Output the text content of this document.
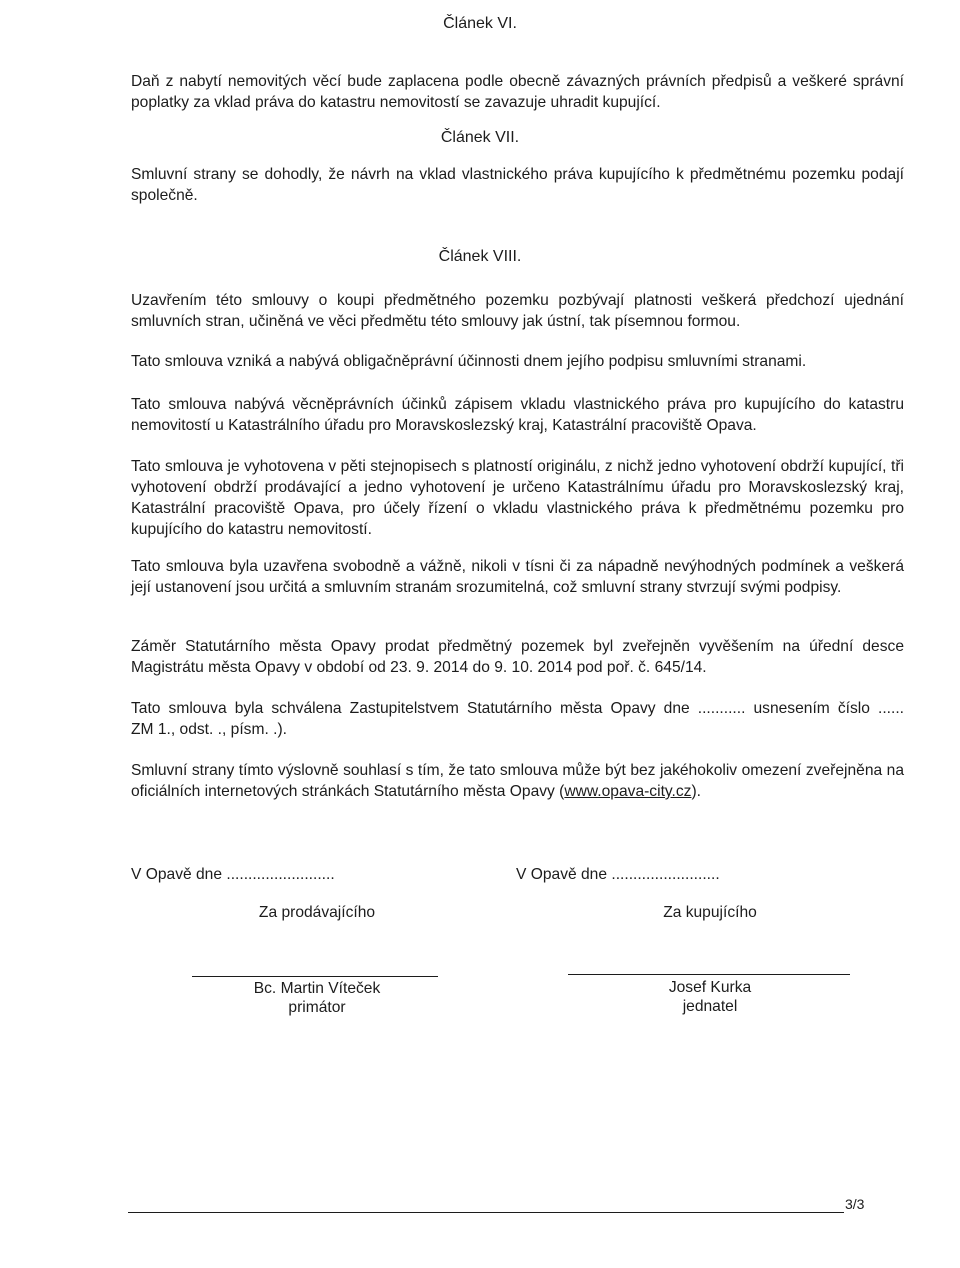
Článek VI.
Daň z nabytí nemovitých věcí bude zaplacena podle obecně závazných právních předpisů a veškeré správní poplatky za vklad práva do katastru nemovitostí se zavazuje uhradit kupující.
Článek VII.
Smluvní strany se dohodly, že návrh na vklad vlastnického práva kupujícího k předmětnému pozemku podají společně.
Článek VIII.
Uzavřením této smlouvy o koupi předmětného pozemku pozbývají platnosti veškerá předchozí ujednání smluvních stran, učiněná ve věci předmětu této smlouvy jak ústní, tak písemnou formou.
Tato smlouva vzniká a nabývá obligačněprávní účinnosti dnem jejího podpisu smluvními stranami.
Tato smlouva nabývá věcněprávních účinků zápisem vkladu vlastnického práva pro kupujícího do katastru nemovitostí u Katastrálního úřadu pro Moravskoslezský kraj, Katastrální pracoviště Opava.
Tato smlouva je vyhotovena v pěti stejnopisech s platností originálu, z nichž jedno vyhotovení obdrží kupující, tři vyhotovení obdrží prodávající a jedno vyhotovení je určeno Katastrálnímu úřadu pro Moravskoslezský kraj, Katastrální pracoviště Opava, pro účely řízení o vkladu vlastnického práva k předmětnému pozemku pro kupujícího do katastru nemovitostí.
Tato smlouva byla uzavřena svobodně a vážně, nikoli v tísni či za nápadně nevýhodných podmínek a veškerá její ustanovení jsou určitá a smluvním stranám srozumitelná, což smluvní strany stvrzují svými podpisy.
Záměr Statutárního města Opavy prodat předmětný pozemek byl zveřejněn vyvěšením na úřední desce Magistrátu města Opavy v období od 23. 9. 2014 do 9. 10. 2014 pod poř. č. 645/14.
Tato smlouva byla schválena Zastupitelstvem Statutárního města Opavy dne ........... usnesením číslo ......
ZM 1., odst. ., písm. .).
Smluvní strany tímto výslovně souhlasí s tím, že tato smlouva může být bez jakéhokoliv omezení zveřejněna na oficiálních internetových stránkách Statutárního města Opavy (www.opava-city.cz).
V Opavě dne .........................
Za prodávajícího
Bc. Martin Víteček
primátor
V Opavě dne .........................
Za kupujícího
Josef Kurka
jednatel
3/3
